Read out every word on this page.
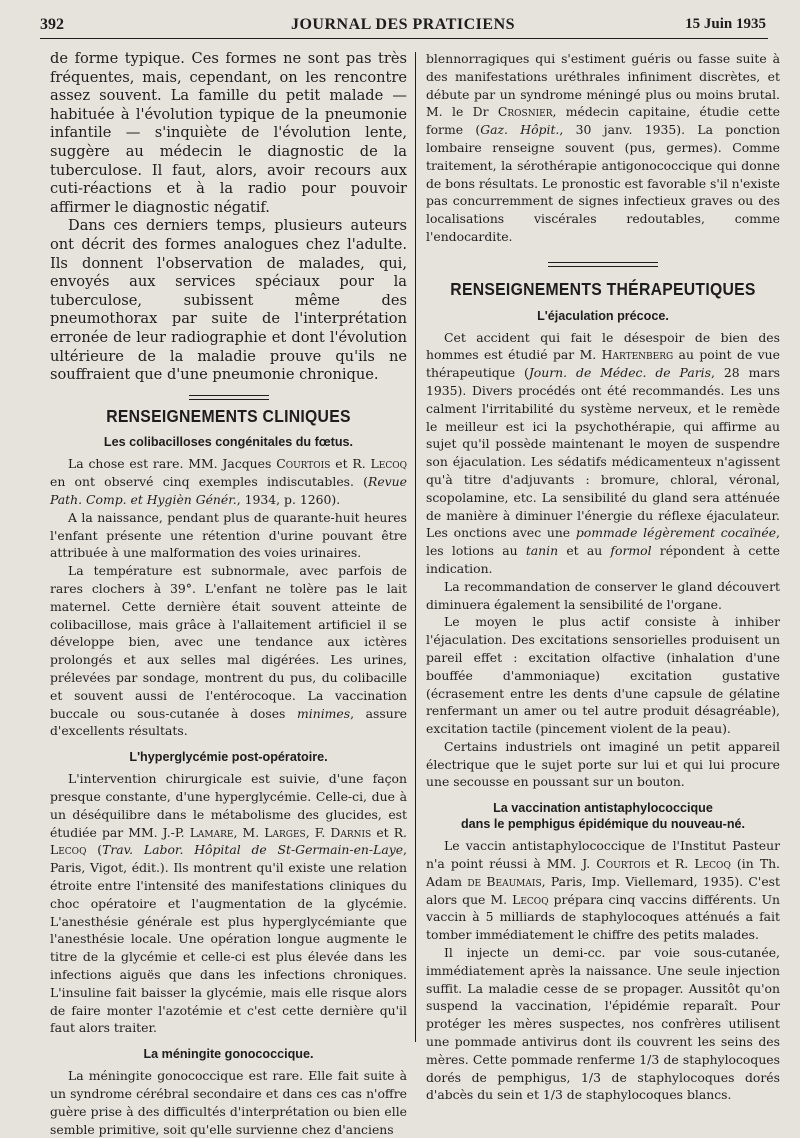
392	JOURNAL DES PRATICIENS	15 Juin 1935

de forme typique. Ces formes ne sont pas très fréquentes, mais, cependant, on les rencontre assez souvent. La famille du petit malade — habituée à l'évolution typique de la pneumonie infantile — s'inquiète de l'évolution lente, suggère au médecin le diagnostic de la tuberculose. Il faut, alors, avoir recours aux cuti-réactions et à la radio pour pouvoir affirmer le diagnostic négatif.

Dans ces derniers temps, plusieurs auteurs ont décrit des formes analogues chez l'adulte. Ils donnent l'observation de malades, qui, envoyés aux services spéciaux pour la tuberculose, subissent même des pneumothorax par suite de l'interprétation erronée de leur radiographie et dont l'évolution ultérieure de la maladie prouve qu'ils ne souffraient que d'une pneumonie chronique.

RENSEIGNEMENTS CLINIQUES
Les colibacilloses congénitales du fœtus.

La chose est rare. MM. Jacques Courtois et R. Lecoq en ont observé cinq exemples indiscutables. (Revue Path. Comp. et Hygièn Génér., 1934, p. 1260).

A la naissance, pendant plus de quarante-huit heures l'enfant présente une rétention d'urine pouvant être attribuée à une malformation des voies urinaires.

La température est subnormale, avec parfois de rares clochers à 39°. L'enfant ne tolère pas le lait maternel. Cette dernière était souvent atteinte de colibacillose, mais grâce à l'allaitement artificiel il se développe bien, avec une tendance aux ictères prolongés et aux selles mal digérées. Les urines, prélevées par sondage, montrent du pus, du colibacille et souvent aussi de l'entérocoque. La vaccination buccale ou sous-cutanée à doses minimes, assure d'excellents résultats.

L'hyperglycémie post-opératoire.

L'intervention chirurgicale est suivie, d'une façon presque constante, d'une hyperglycémie. Celle-ci, due à un déséquilibre dans le métabolisme des glucides, est étudiée par MM. J.-P. Lamare, M. Larges, F. Darnis et R. Lecoq (Trav. Labor. Hôpital de St-Germain-en-Laye, Paris, Vigot, édit.). Ils montrent qu'il existe une relation étroite entre l'intensité des manifestations cliniques du choc opératoire et l'augmentation de la glycémie. L'anesthésie générale est plus hyperglycémiante que l'anesthésie locale. Une opération longue augmente le titre de la glycémie et celle-ci est plus élevée dans les infections aiguës que dans les infections chroniques. L'insuline fait baisser la glycémie, mais elle risque alors de faire monter l'azotémie et c'est cette dernière qu'il faut alors traiter.

La méningite gonococcique.

La méningite gonococcique est rare. Elle fait suite à un syndrome cérébral secondaire et dans ces cas n'offre guère prise à des difficultés d'interprétation ou bien elle semble primitive, soit qu'elle survienne chez d'anciens

blennorragiques qui s'estiment guéris ou fasse suite à des manifestations uréthrales infiniment discrètes, et débute par un syndrome méningé plus ou moins brutal. M. le Dr Crosnier, médecin capitaine, étudie cette forme (Gaz. Hôpit., 30 janv. 1935). La ponction lombaire renseigne souvent (pus, germes). Comme traitement, la sérothérapie antigonococcique qui donne de bons résultats. Le pronostic est favorable s'il n'existe pas concurremment de signes infectieux graves ou des localisations viscérales redoutables, comme l'endocardite.

RENSEIGNEMENTS THÉRAPEUTIQUES
L'éjaculation précoce.

Cet accident qui fait le désespoir de bien des hommes est étudié par M. Hartenberg au point de vue thérapeutique (Journ. de Médec. de Paris, 28 mars 1935). Divers procédés ont été recommandés. Les uns calment l'irritabilité du système nerveux, et le remède le meilleur est ici la psychothérapie, qui affirme au sujet qu'il possède maintenant le moyen de suspendre son éjaculation. Les sédatifs médicamenteux n'agissent qu'à titre d'adjuvants : bromure, chloral, véronal, scopolamine, etc. La sensibilité du gland sera atténuée de manière à diminuer l'énergie du réflexe éjaculateur. Les onctions avec une pommade légèrement cocaïnée, les lotions au tanin et au formol répondent à cette indication.

La recommandation de conserver le gland découvert diminuera également la sensibilité de l'organe.

Le moyen le plus actif consiste à inhiber l'éjaculation. Des excitations sensorielles produisent un pareil effet : excitation olfactive (inhalation d'une bouffée d'ammoniaque) excitation gustative (écrasement entre les dents d'une capsule de gélatine renfermant un amer ou tel autre produit désagréable), excitation tactile (pincement violent de la peau).

Certains industriels ont imaginé un petit appareil électrique que le sujet porte sur lui et qui lui procure une secousse en poussant sur un bouton.

La vaccination antistaphylococcique
dans le pemphigus épidémique du nouveau-né.

Le vaccin antistaphylococcique de l'Institut Pasteur n'a point réussi à MM. J. Courtois et R. Lecoq (in Th. Adam de Beaumais, Paris, Imp. Viellemard, 1935). C'est alors que M. Lecoq prépara cinq vaccins différents. Un vaccin à 5 milliards de staphylocoques atténués a fait tomber immédiatement le chiffre des petits malades.

Il injecte un demi-cc. par voie sous-cutanée, immédiatement après la naissance. Une seule injection suffit. La maladie cesse de se propager. Aussitôt qu'on suspend la vaccination, l'épidémie reparaît. Pour protéger les mères suspectes, nos confrères utilisent une pommade antivirus dont ils couvrent les seins des mères. Cette pommade renferme 1/3 de staphylocoques dorés de pemphigus, 1/3 de staphylocoques dorés d'abcès du sein et 1/3 de staphylocoques blancs.
